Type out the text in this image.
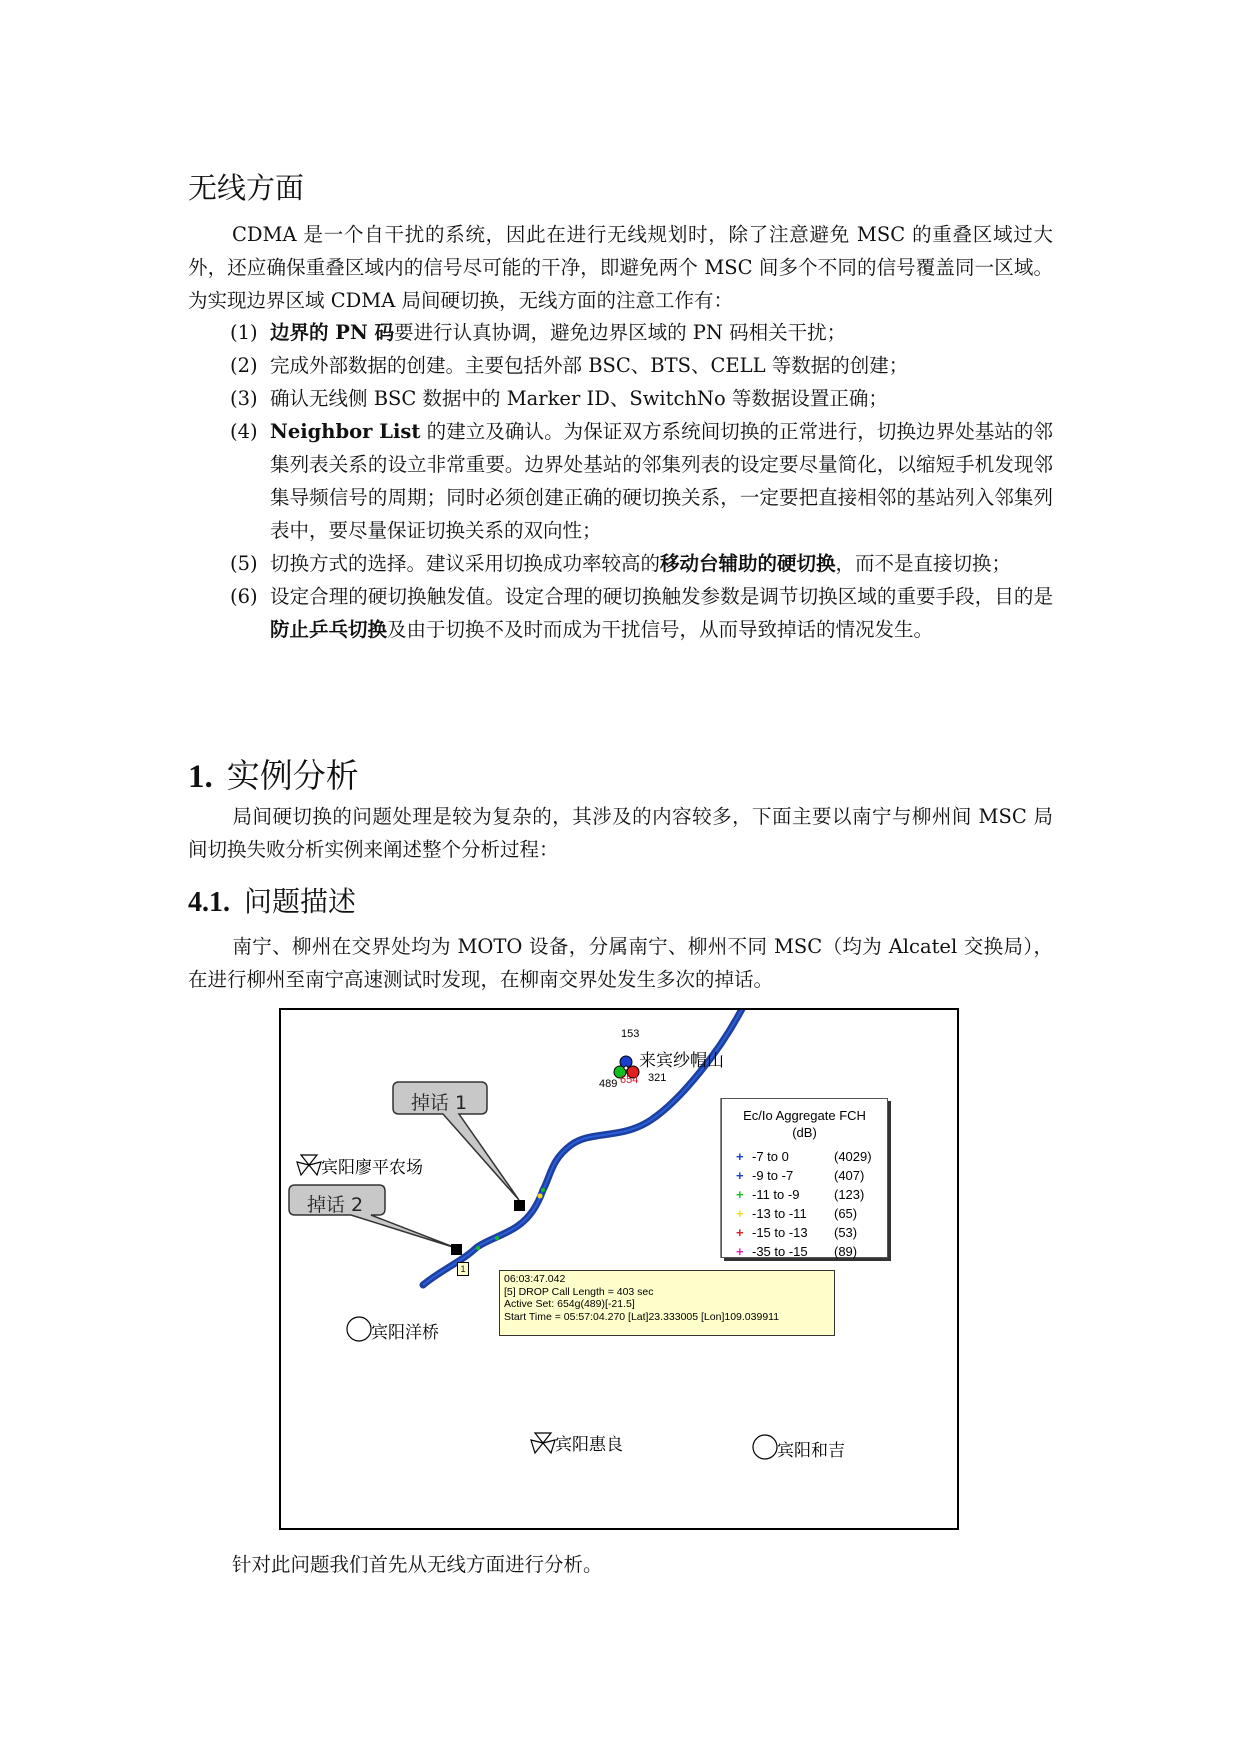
无线方面

CDMA 是一个自干扰的系统，因此在进行无线规划时，除了注意避免 MSC 的重叠区域过大外，还应确保重叠区域内的信号尽可能的干净，即避免两个 MSC 间多个不同的信号覆盖同一区域。为实现边界区域 CDMA 局间硬切换，无线方面的注意工作有：

(1) 边界的 PN 码要进行认真协调，避免边界区域的 PN 码相关干扰；
(2) 完成外部数据的创建。主要包括外部 BSC、BTS、CELL 等数据的创建；
(3) 确认无线侧 BSC 数据中的 Marker ID、SwitchNo 等数据设置正确；
(4) Neighbor List 的建立及确认。为保证双方系统间切换的正常进行，切换边界处基站的邻集列表关系的设立非常重要。边界处基站的邻集列表的设定要尽量简化，以缩短手机发现邻集导频信号的周期；同时必须创建正确的硬切换关系，一定要把直接相邻的基站列入邻集列表中，要尽量保证切换关系的双向性；
(5) 切换方式的选择。建议采用切换成功率较高的移动台辅助的硬切换，而不是直接切换；
(6) 设定合理的硬切换触发值。设定合理的硬切换触发参数是调节切换区域的重要手段，目的是防止乒乓切换及由于切换不及时而成为干扰信号，从而导致掉话的情况发生。
1. 实例分析

局间硬切换的问题处理是较为复杂的，其涉及的内容较多，下面主要以南宁与柳州间 MSC 局间切换失败分析实例来阐述整个分析过程：

4.1. 问题描述

南宁、柳州在交界处均为 MOTO 设备，分属南宁、柳州不同 MSC（均为 Alcatel 交换局），在进行柳州至南宁高速测试时发现，在柳南交界处发生多次的掉话。

153
489 654 321
来宾纱帽山
宾阳廖平农场
宾阳洋桥
宾阳惠良	宾阳和吉
掉话 1
掉话 2
1
Ec/Io Aggregate FCH
(dB)
+ -7 to 0	(4029)
+ -9 to -7	(407)
+ -11 to -9	(123)
+ -13 to -11 (65)
+ -15 to -13 (53)
+ -35 to -15 (89)
06:03:47.042
[5] DROP Call Length = 403 sec
Active Set: 654g(489)[-21.5]
Start Time = 05:57:04.270 [Lat]23.333005 [Lon]109.039911

针对此问题我们首先从无线方面进行分析。
